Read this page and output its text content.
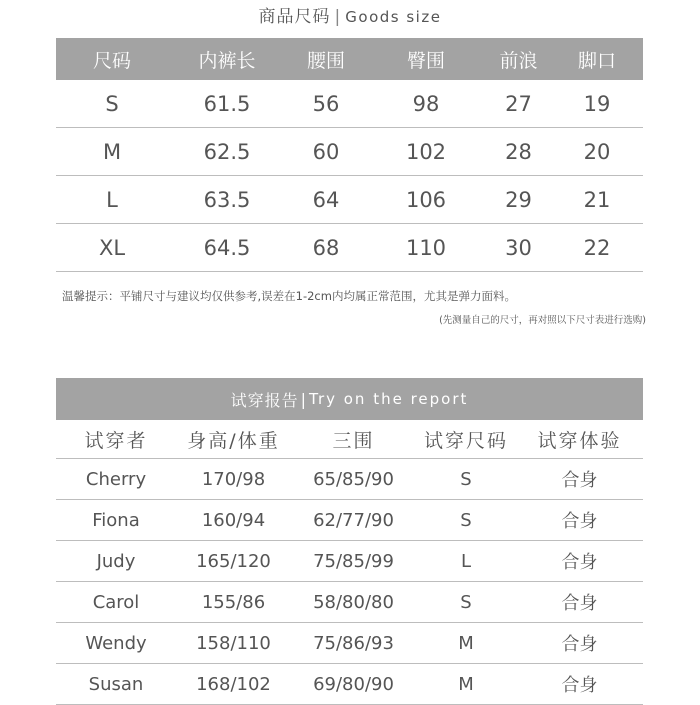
商品尺码 | Goods size
尺码	内裤长	腰围	臀围	前浪	脚口
S	61.5	56	98	27	19
M	62.5	60	102	28	20
L	63.5	64	106	29	21
XL	64.5	68	110	30	22
温馨提示：平铺尺寸与建议均仅供参考,误差在1-2cm内均属正常范围，尤其是弹力面料。
(先测量自己的尺寸，再对照以下尺寸表进行选购)
试穿报告 | Try on the report
试穿者	身高/体重	三围	试穿尺码	试穿体验
Cherry	170/98	65/85/90	S	合身
Fiona	160/94	62/77/90	S	合身
Judy	165/120	75/85/99	L	合身
Carol	155/86	58/80/80	S	合身
Wendy	158/110	75/86/93	M	合身
Susan	168/102	69/80/90	M	合身
